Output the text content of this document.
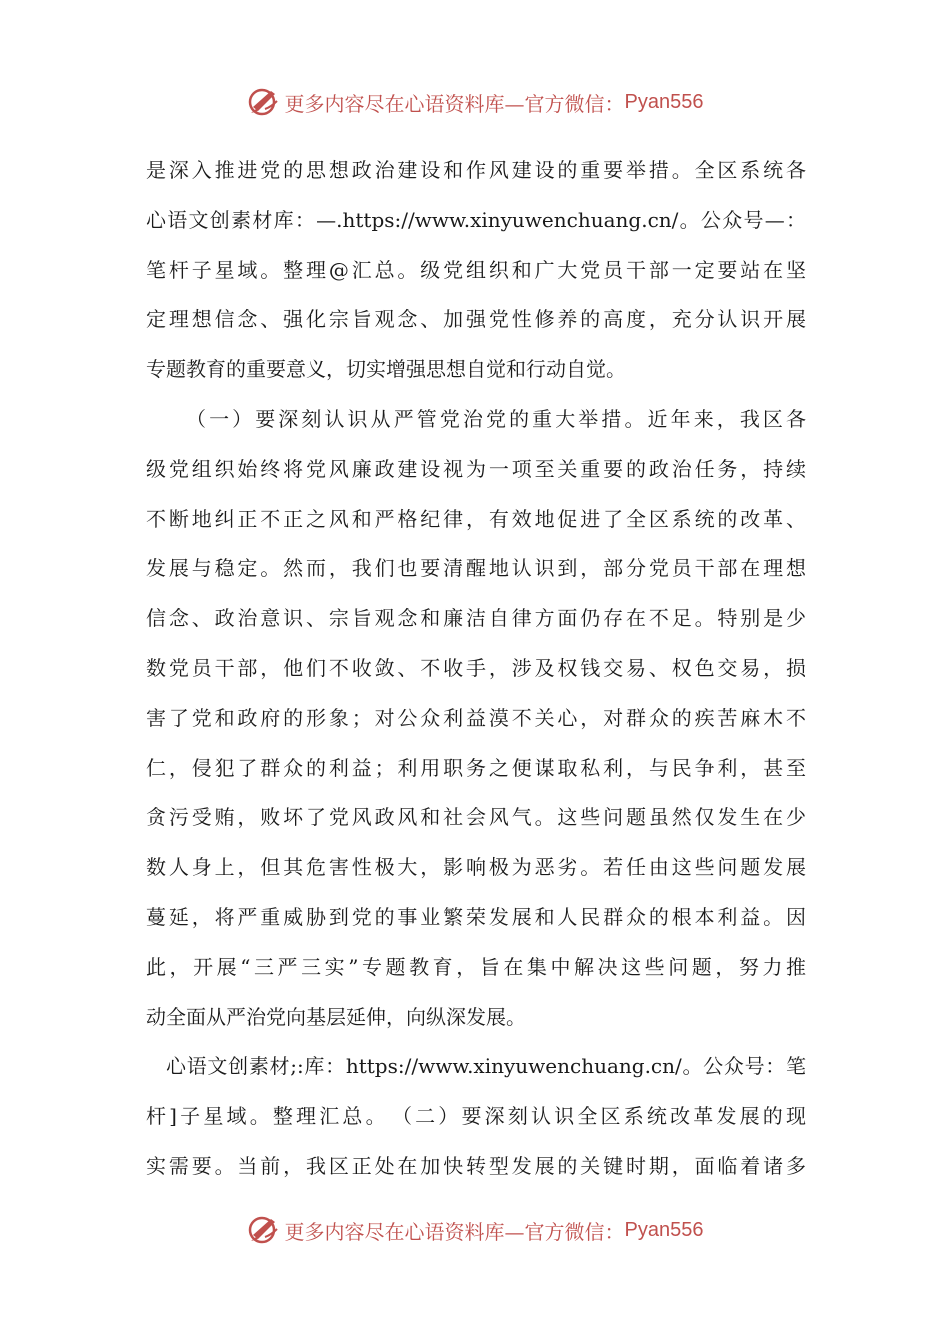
更多内容尽在心语资料库—官方微信： Pyan556
是深入推进党的思想政治建设和作风建设的重要举措。全区系统各
心语文创素材库：—.https://www.xinyuwenchuang.cn/。公众号—：
笔杆子星域。整理@汇总。级党组织和广大党员干部一定要站在坚
定理想信念、强化宗旨观念、加强党性修养的高度，充分认识开展
专题教育的重要意义，切实增强思想自觉和行动自觉。
（一）要深刻认识从严管党治党的重大举措。近年来，我区各
级党组织始终将党风廉政建设视为一项至关重要的政治任务，持续
不断地纠正不正之风和严格纪律，有效地促进了全区系统的改革、
发展与稳定。然而，我们也要清醒地认识到，部分党员干部在理想
信念、政治意识、宗旨观念和廉洁自律方面仍存在不足。特别是少
数党员干部，他们不收敛、不收手，涉及权钱交易、权色交易，损
害了党和政府的形象；对公众利益漠不关心，对群众的疾苦麻木不
仁，侵犯了群众的利益；利用职务之便谋取私利，与民争利，甚至
贪污受贿，败坏了党风政风和社会风气。这些问题虽然仅发生在少
数人身上，但其危害性极大，影响极为恶劣。若任由这些问题发展
蔓延，将严重威胁到党的事业繁荣发展和人民群众的根本利益。因
此，开展“三严三实”专题教育，旨在集中解决这些问题，努力推
动全面从严治党向基层延伸，向纵深发展。
心语文创素材;:库：https://www.xinyuwenchuang.cn/。公众号：笔
杆]子星域。整理汇总。　（二）要深刻认识全区系统改革发展的现
实需要。当前，我区正处在加快转型发展的关键时期，面临着诸多
更多内容尽在心语资料库—官方微信： Pyan556
